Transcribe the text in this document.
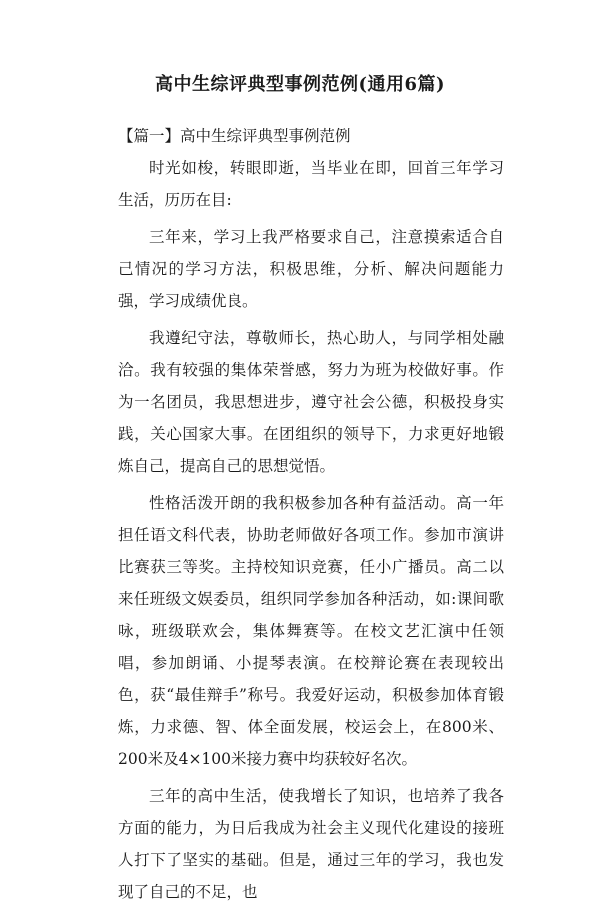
高中生综评典型事例范例(通用6篇)

【篇一】高中生综评典型事例范例

时光如梭，转眼即逝，当毕业在即，回首三年学习生活，历历在目:

三年来，学习上我严格要求自己，注意摸索适合自己情况的学习方法，积极思维，分析、解决问题能力强，学习成绩优良。

我遵纪守法，尊敬师长，热心助人，与同学相处融洽。我有较强的集体荣誉感，努力为班为校做好事。作为一名团员，我思想进步，遵守社会公德，积极投身实践，关心国家大事。在团组织的领导下，力求更好地锻炼自己，提高自己的思想觉悟。

性格活泼开朗的我积极参加各种有益活动。高一年担任语文科代表，协助老师做好各项工作。参加市演讲比赛获三等奖。主持校知识竞赛，任小广播员。高二以来任班级文娱委员，组织同学参加各种活动，如:课间歌咏，班级联欢会，集体舞赛等。在校文艺汇演中任领唱，参加朗诵、小提琴表演。在校辩论赛在表现较出色，获“最佳辩手”称号。我爱好运动，积极参加体育锻炼，力求德、智、体全面发展，校运会上，在800米、200米及4×100米接力赛中均获较好名次。

三年的高中生活，使我增长了知识，也培养了我各方面的能力，为日后我成为社会主义现代化建设的接班人打下了坚实的基础。但是，通过三年的学习，我也发现了自己的不足，也
